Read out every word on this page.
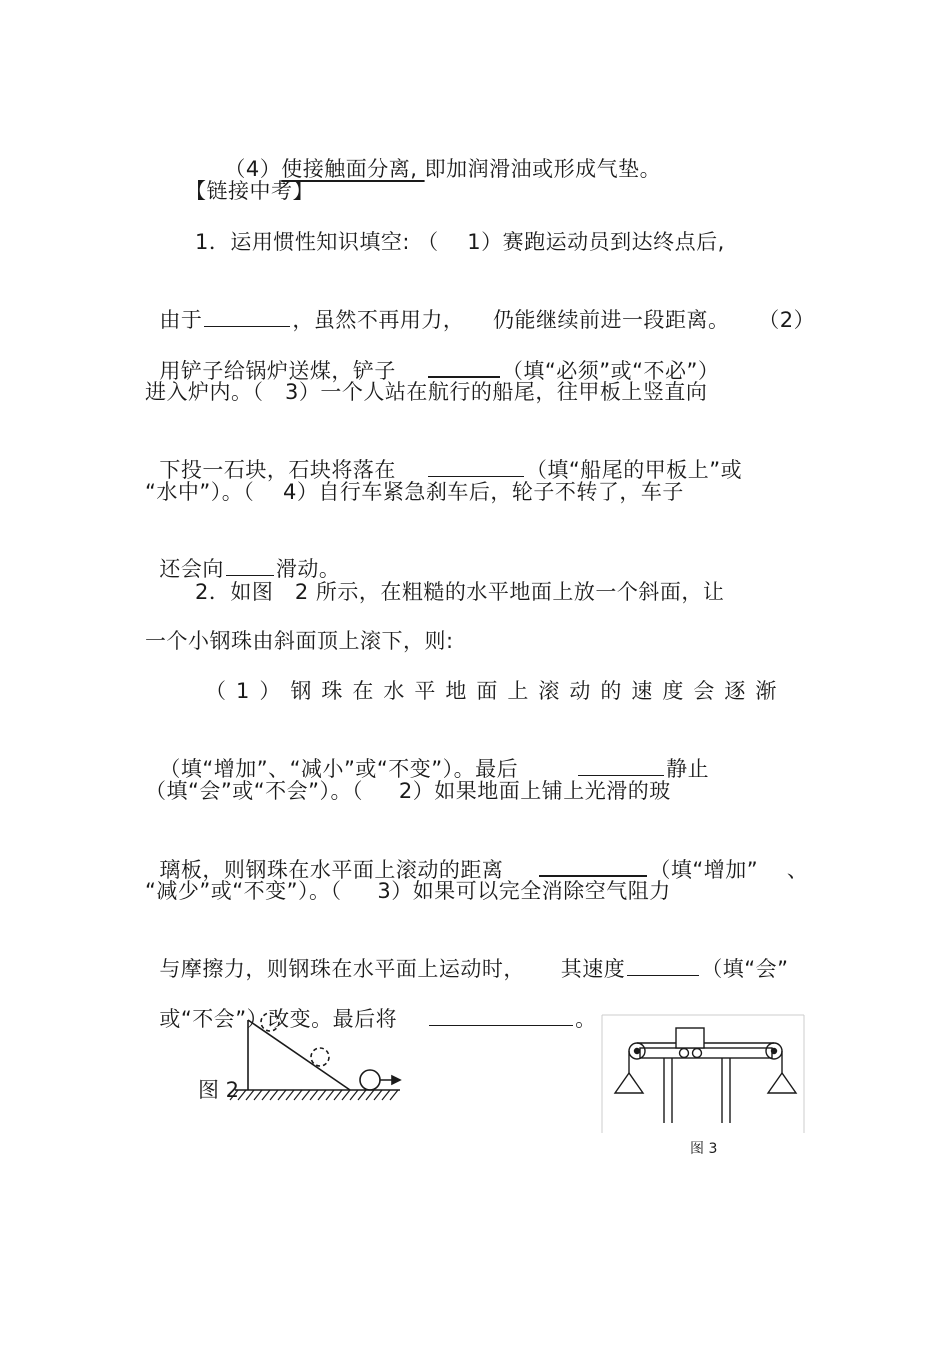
（4）使接触面分离, 即加润滑油或形成气垫。

【链接中考】
1．运用惯性知识填空: （    1）赛跑运动员到达终点后,

由于	，虽然不再用力，    仍能继续前进一段距离。    （2）

用铲子给锅炉送煤，铲子	（填“必须”或“不必”）

进入炉内。（   3）一个人站在航行的船尾，往甲板上竖直向

下投一石块，石块将落在	（填“船尾的甲板上”或

“水中”）。（    4）自行车紧急刹车后，轮子不转了，车子

还会向 滑动。

2．如图   2 所示，在粗糙的水平地面上放一个斜面，让
一个小钢珠由斜面顶上滚下，则:
（1）钢珠在水平地面上滚动的速度会逐渐

（填“增加”、“减小”或“不变”）。最后	静止

（填“会”或“不会”）。（     2）如果地面上铺上光滑的玻

璃板，则钢珠在水平面上滚动的距离	（填“增加”    、

“减少”或“不变”）。（     3）如果可以完全消除空气阻力

与摩擦力，则钢珠在水平面上运动时，     其速度	（填“会”

或“不会”）改变。最后将	。

图 2
图 3
